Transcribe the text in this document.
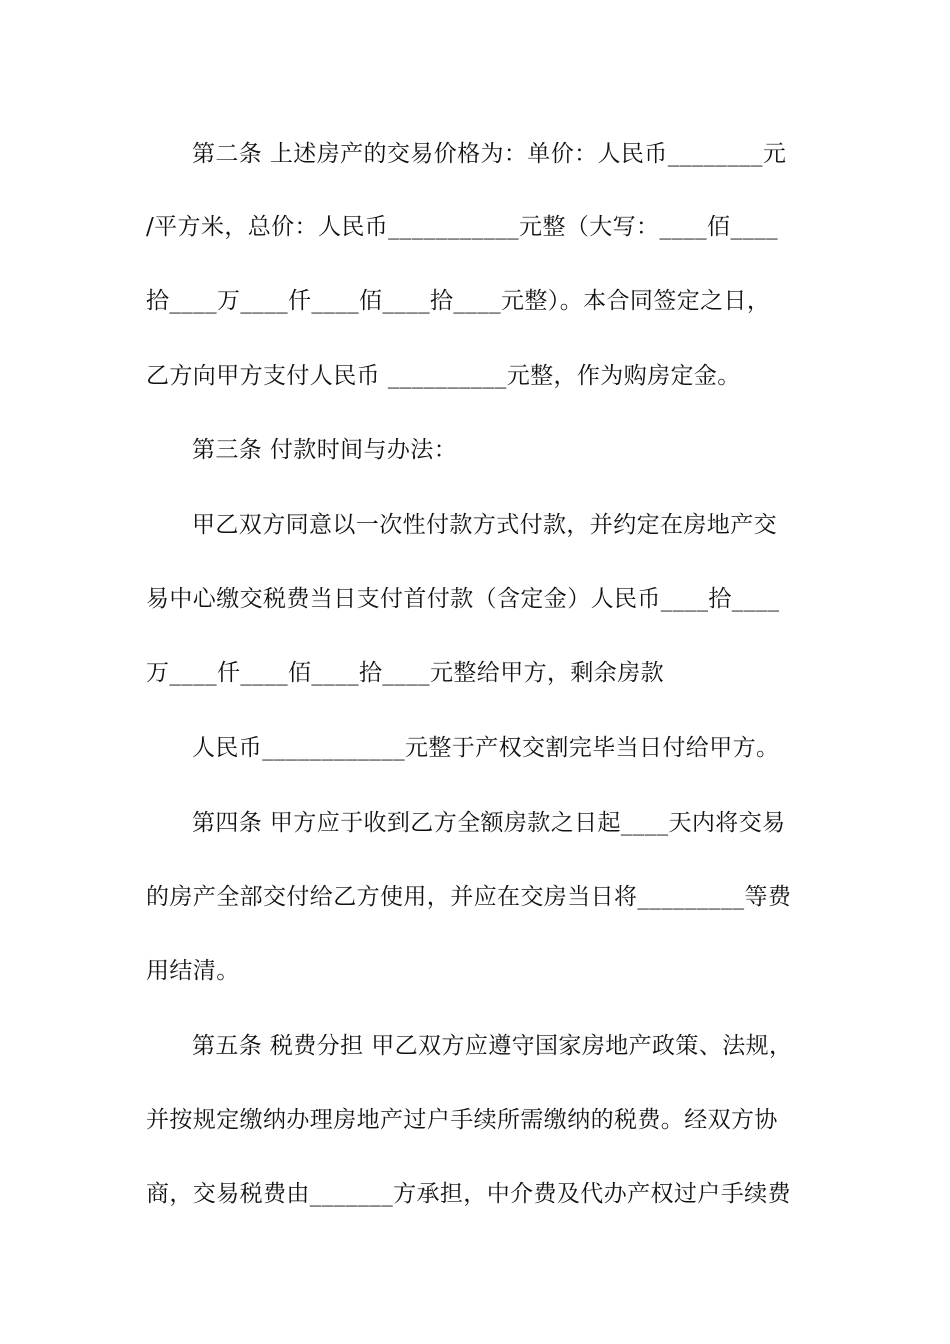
第二条 上述房产的交易价格为：单价：人民币________元
/平方米，总价：人民币___________元整（大写：____佰____
拾____万____仟____佰____拾____元整）。本合同签定之日，
乙方向甲方支付人民币 __________元整，作为购房定金。
第三条 付款时间与办法：
甲乙双方同意以一次性付款方式付款，并约定在房地产交
易中心缴交税费当日支付首付款（含定金）人民币____拾____
万____仟____佰____拾____元整给甲方，剩余房款
人民币____________元整于产权交割完毕当日付给甲方。
第四条 甲方应于收到乙方全额房款之日起____天内将交易
的房产全部交付给乙方使用，并应在交房当日将_________等费
用结清。
第五条 税费分担 甲乙双方应遵守国家房地产政策、法规，
并按规定缴纳办理房地产过户手续所需缴纳的税费。经双方协
商，交易税费由_______方承担，中介费及代办产权过户手续费
